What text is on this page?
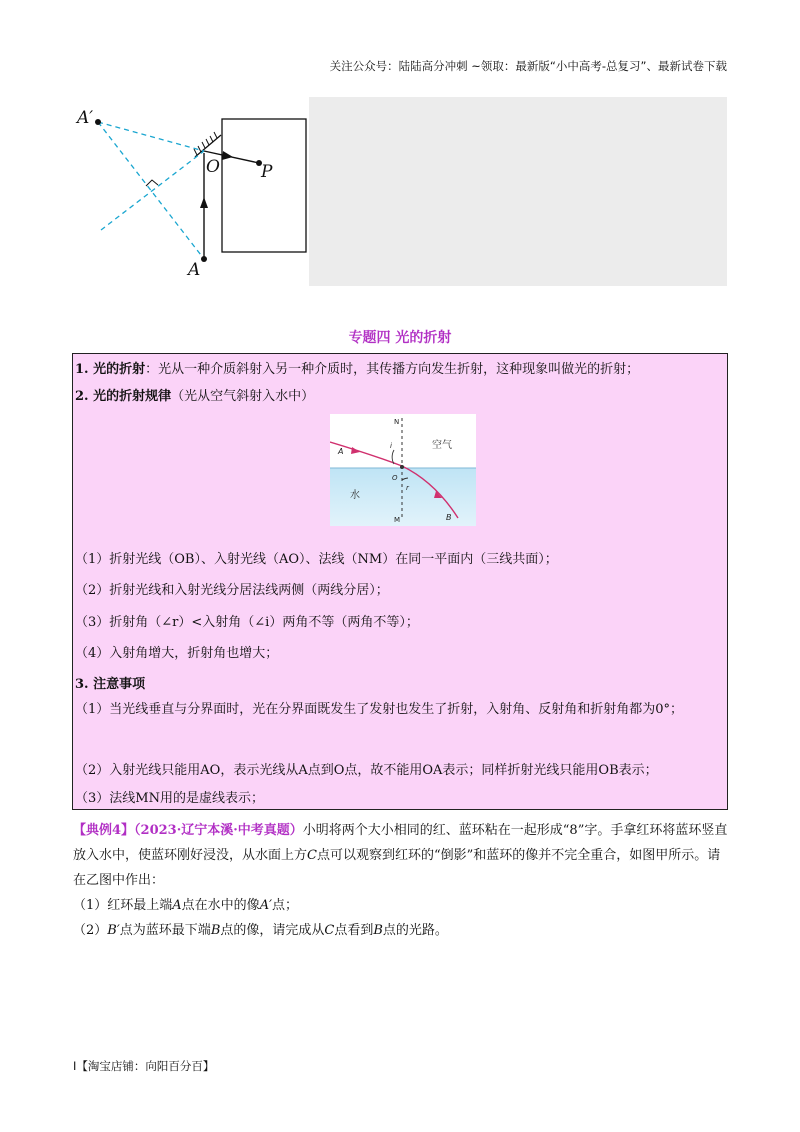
关注公众号：陆陆高分冲刺 ~领取：最新版“小中高考-总复习”、最新试卷下载
A′
O P
A
专题四 光的折射
1. 光的折射：光从一种介质斜射入另一种介质时，其传播方向发生折射，这种现象叫做光的折射；
2. 光的折射规律（光从空气斜射入水中）
N
M
A
B
O
i
r
空气
水
（1）折射光线（OB）、入射光线（AO）、法线（NM）在同一平面内（三线共面）；
（2）折射光线和入射光线分居法线两侧（两线分居）；
（3）折射角（∠r）<入射角（∠i）两角不等（两角不等）；
（4）入射角增大，折射角也增大；
3. 注意事项
（1）当光线垂直与分界面时，光在分界面既发生了发射也发生了折射，入射角、反射角和折射角都为0°；
（2）入射光线只能用AO，表示光线从A点到O点，故不能用OA表示；同样折射光线只能用OB表示；
（3）法线MN用的是虚线表示；

【典例4】（2023·辽宁本溪·中考真题）小明将两个大小相同的红、蓝环粘在一起形成“8”字。手拿红环将蓝环竖直放入水中，使蓝环刚好浸没，从水面上方C点可以观察到红环的“倒影”和蓝环的像并不完全重合，如图甲所示。请在乙图中作出：

（1）红环最上端A点在水中的像A′点；

（2）B′点为蓝环最下端B点的像，请完成从C点看到B点的光路。

I【淘宝店铺：向阳百分百】
